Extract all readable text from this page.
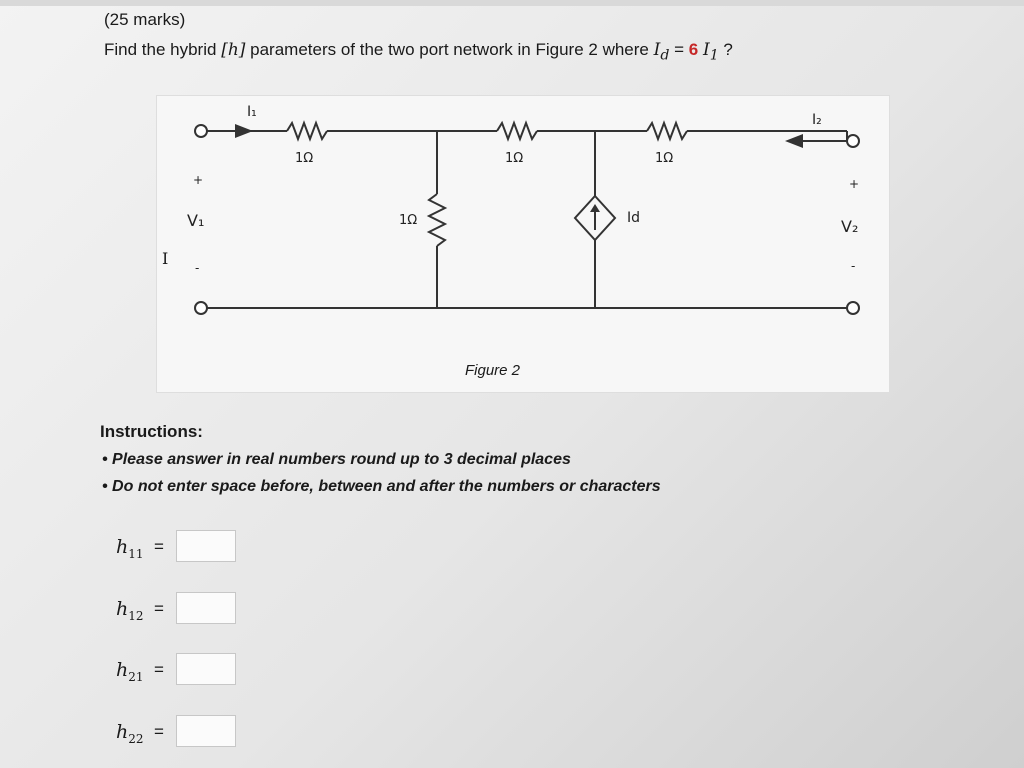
(25 marks)
Find the hybrid [h] parameters of the two port network in Figure 2 where $I_d = 6$ $I_1$ ?
I₁	I₂
1Ω	1Ω	1Ω
1Ω	Id
+
V₁
-
+
V₂
-
Figure 2
I
Instructions:
• Please answer in real numbers round up to 3 decimal places
• Do not enter space before, between and after the numbers or characters
$h_{11}$ =
$h_{12}$ =
$h_{21}$ =
$h_{22}$ =
